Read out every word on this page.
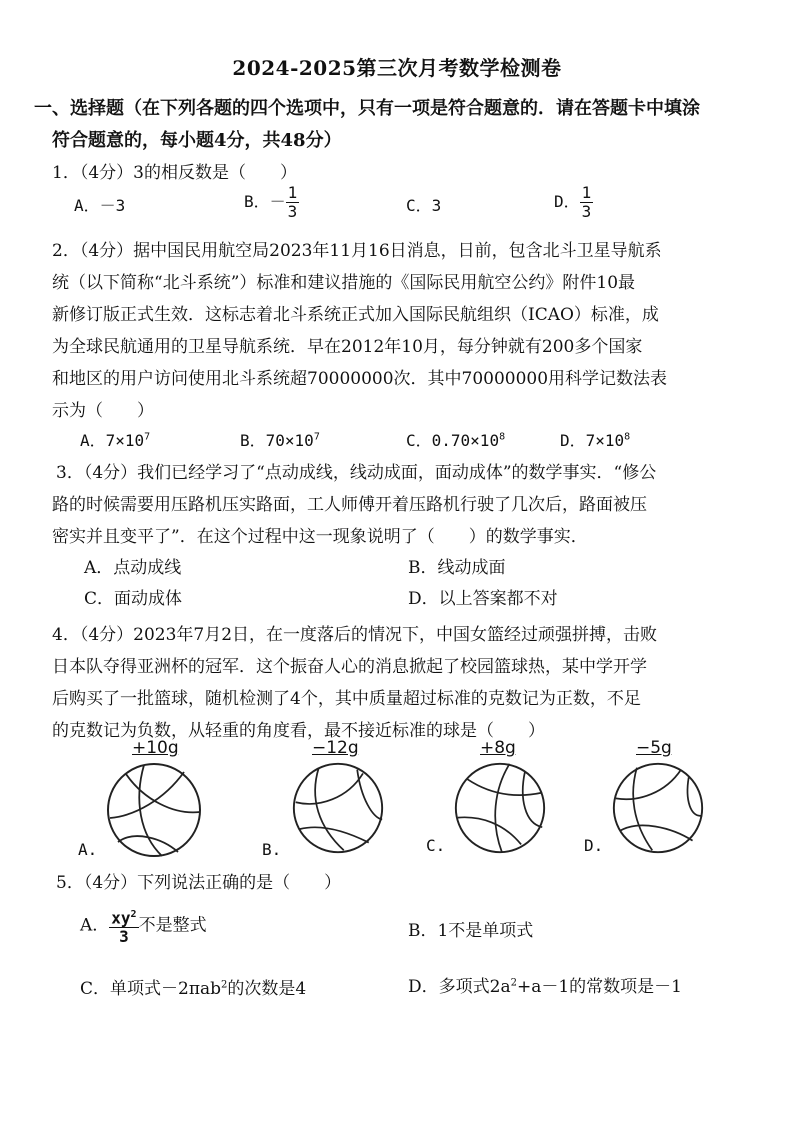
2024-2025第三次月考数学检测卷
一、选择题（在下列各题的四个选项中，只有一项是符合题意的．请在答题卡中填涂
符合题意的，每小题4分，共48分）
1．（4分）3的相反数是（　　）
A．－3	B．－ $\frac{1}{3}$	C．3	D． $\frac{1}{3}$
2．（4分）据中国民用航空局2023年11月16日消息，日前，包含北斗卫星导航系
统（以下简称“北斗系统”）标准和建议措施的《国际民用航空公约》附件10最
新修订版正式生效．这标志着北斗系统正式加入国际民航组织（ICAO）标准，成
为全球民航通用的卫星导航系统．早在2012年10月，每分钟就有200多个国家
和地区的用户访问使用北斗系统超70000000次．其中70000000用科学记数法表
示为（　　）
A．$7\times 10^7$	B．$70\times 10^7$	C．$0.70\times 10^8$	D．$7\times 10^8$
3．（4分）我们已经学习了“点动成线，线动成面，面动成体”的数学事实．“修公
路的时候需要用压路机压实路面，工人师傅开着压路机行驶了几次后，路面被压
密实并且变平了”．在这个过程中这一现象说明了（　　）的数学事实．
A．点动成线	B．线动成面
C．面动成体	D．以上答案都不对
4．（4分）2023年7月2日，在一度落后的情况下，中国女篮经过顽强拼搏，击败
日本队夺得亚洲杯的冠军．这个振奋人心的消息掀起了校园篮球热，某中学开学
后购买了一批篮球，随机检测了4个，其中质量超过标准的克数记为正数，不足
的克数记为负数，从轻重的角度看，最不接近标准的球是（　　）
+10g
A.
−12g
B.
+8g
C.
−5g
D.
5．（4分）下列说法正确的是（　　）
A． $\frac{xy^2}{3}$ 不是整式	B．1不是单项式
C．单项式－2πab$^2$的次数是4	D．多项式$2a^2+a-1$的常数项是－1
